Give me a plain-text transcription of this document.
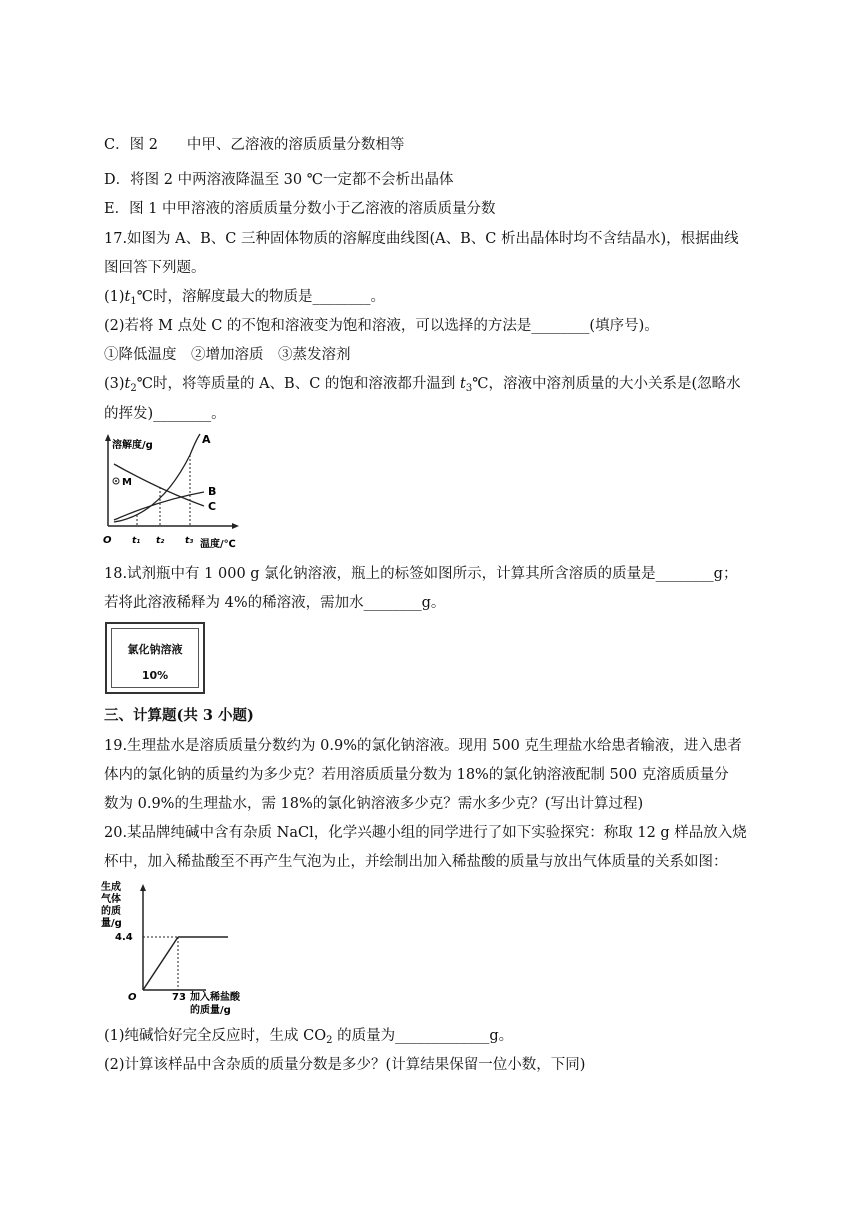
C．图 2　　中甲、乙溶液的溶质质量分数相等
D．将图 2 中两溶液降温至 30 ℃一定都不会析出晶体
E．图 1 中甲溶液的溶质质量分数小于乙溶液的溶质质量分数
17.如图为 A、B、C 三种固体物质的溶解度曲线图(A、B、C 析出晶体时均不含结晶水)，根据曲线
图回答下列题。
$(1)t_1℃$时，溶解度最大的物质是________。
(2)若将 M 点处 C 的不饱和溶液变为饱和溶液，可以选择的方法是________(填序号)。
①降低温度　②增加溶质　③蒸发溶剂
$(3)t_2℃$时，将等质量的 A、B、C 的饱和溶液都升温到 $t_3℃$，溶液中溶剂质量的大小关系是(忽略水
的挥发)________。
溶解度/g
温度/℃
O
A
B
C
M
t₁ t₂ t₃
18.试剂瓶中有 1 000 g 氯化钠溶液，瓶上的标签如图所示，计算其所含溶质的质量是________g；
若将此溶液稀释为 4%的稀溶液，需加水________g。
氯化钠溶液
10%
三、计算题(共 3 小题)
19.生理盐水是溶质质量分数约为 0.9%的氯化钠溶液。现用 500 克生理盐水给患者输液，进入患者
体内的氯化钠的质量约为多少克？若用溶质质量分数为 18%的氯化钠溶液配制 500 克溶质质量分
数为 0.9%的生理盐水，需 18%的氯化钠溶液多少克？需水多少克？(写出计算过程)
20.某品牌纯碱中含有杂质 NaCl，化学兴趣小组的同学进行了如下实验探究：称取 12 g 样品放入烧
杯中，加入稀盐酸至不再产生气泡为止，并绘制出加入稀盐酸的质量与放出气体质量的关系如图：
生成
气体
的质
量/g
O
4.4
73 加入稀盐酸
的质量/g
(1)纯碱恰好完全反应时，生成 $CO_2$ 的质量为_____________g。
(2)计算该样品中含杂质的质量分数是多少？(计算结果保留一位小数，下同)
